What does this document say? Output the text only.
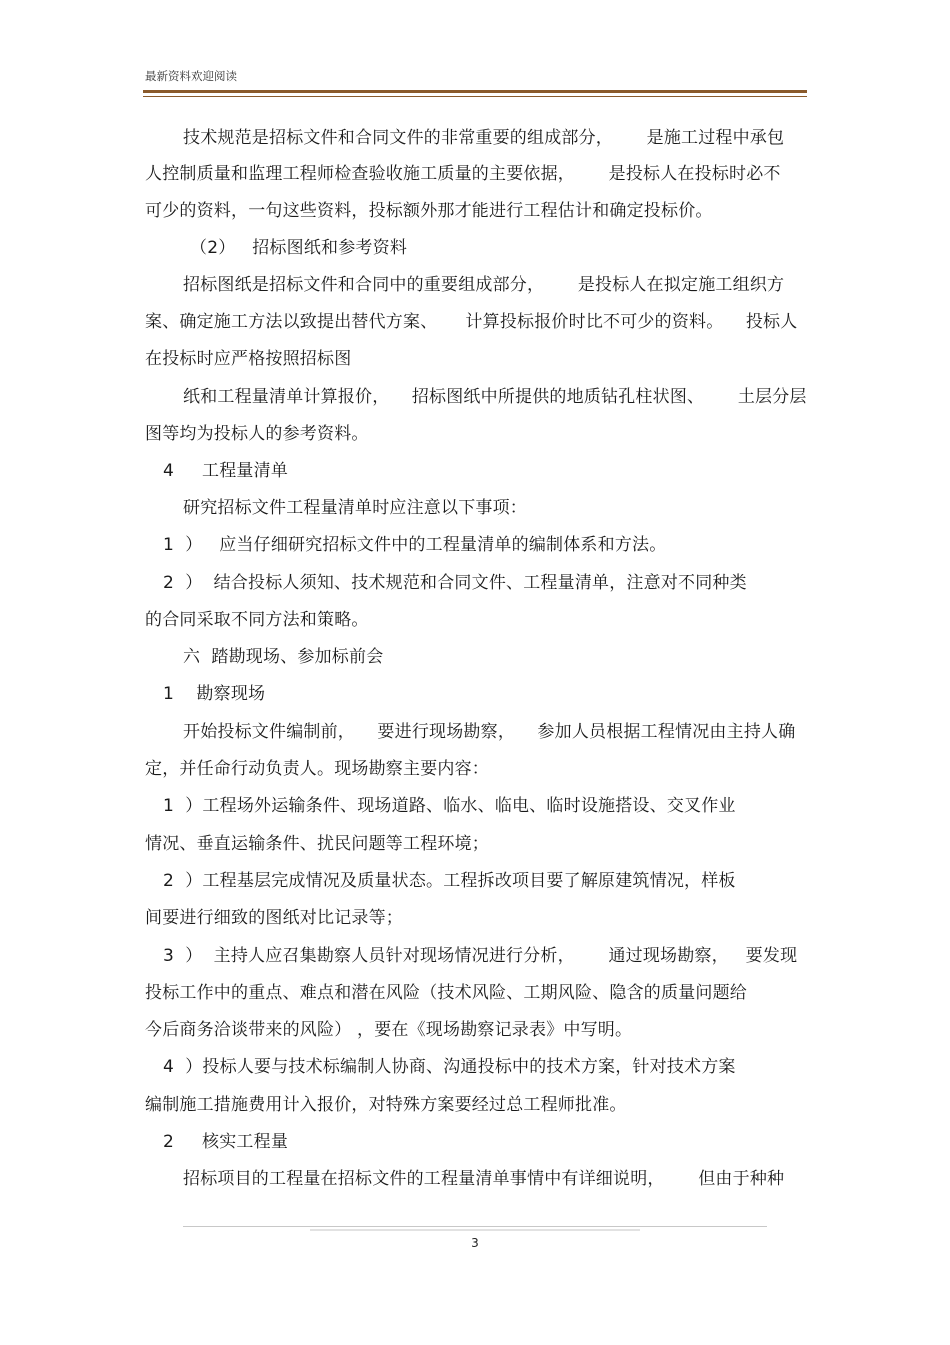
最新资料欢迎阅读
技术规范是招标文件和合同文件的非常重要的组成部分，      是施工过程中承包
人控制质量和监理工程师检查验收施工质量的主要依据，      是投标人在投标时必不
可少的资料，一句这些资料，投标额外那才能进行工程估计和确定投标价。
（2）   招标图纸和参考资料
招标图纸是招标文件和合同中的重要组成部分，      是投标人在拟定施工组织方
案、确定施工方法以致提出替代方案、     计算投标报价时比不可少的资料。    投标人
在投标时应严格按照招标图
纸和工程量清单计算报价，    招标图纸中所提供的地质钻孔柱状图、      土层分层
图等均为投标人的参考资料。
4     工程量清单
研究招标文件工程量清单时应注意以下事项：
1  ）   应当仔细研究招标文件中的工程量清单的编制体系和方法。
2  ）  结合投标人须知、技术规范和合同文件、工程量清单，注意对不同种类
的合同采取不同方法和策略。
六  踏勘现场、参加标前会
1    勘察现场
开始投标文件编制前，    要进行现场勘察，    参加人员根据工程情况由主持人确
定，并任命行动负责人。现场勘察主要内容：
1  ）工程场外运输条件、现场道路、临水、临电、临时设施搭设、交叉作业
情况、垂直运输条件、扰民问题等工程环境；
2  ）工程基层完成情况及质量状态。工程拆改项目要了解原建筑情况，样板
间要进行细致的图纸对比记录等；
3  ）  主持人应召集勘察人员针对现场情况进行分析，      通过现场勘察，   要发现
投标工作中的重点、难点和潜在风险（技术风险、工期风险、隐含的质量问题给
今后商务洽谈带来的风险） ，要在《现场勘察记录表》中写明。
4  ）投标人要与技术标编制人协商、沟通投标中的技术方案，针对技术方案
编制施工措施费用计入报价，对特殊方案要经过总工程师批准。
2     核实工程量
招标项目的工程量在招标文件的工程量清单事情中有详细说明，      但由于种种
3
